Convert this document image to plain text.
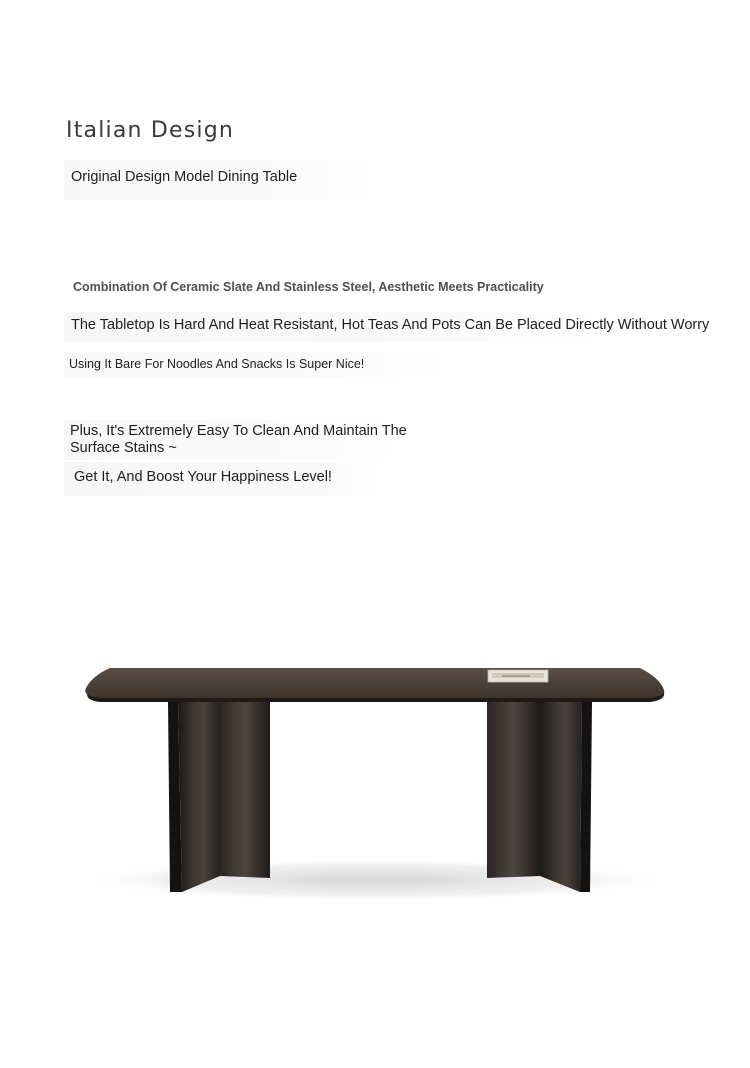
Italian Design
Original Design Model Dining Table
Combination Of Ceramic Slate And Stainless Steel, Aesthetic Meets Practicality
The Tabletop Is Hard And Heat Resistant, Hot Teas And Pots Can Be Placed Directly Without Worry
Using It Bare For Noodles And Snacks Is Super Nice!
Plus, It's Extremely Easy To Clean And Maintain The Surface Stains ~
Get It, And Boost Your Happiness Level!
